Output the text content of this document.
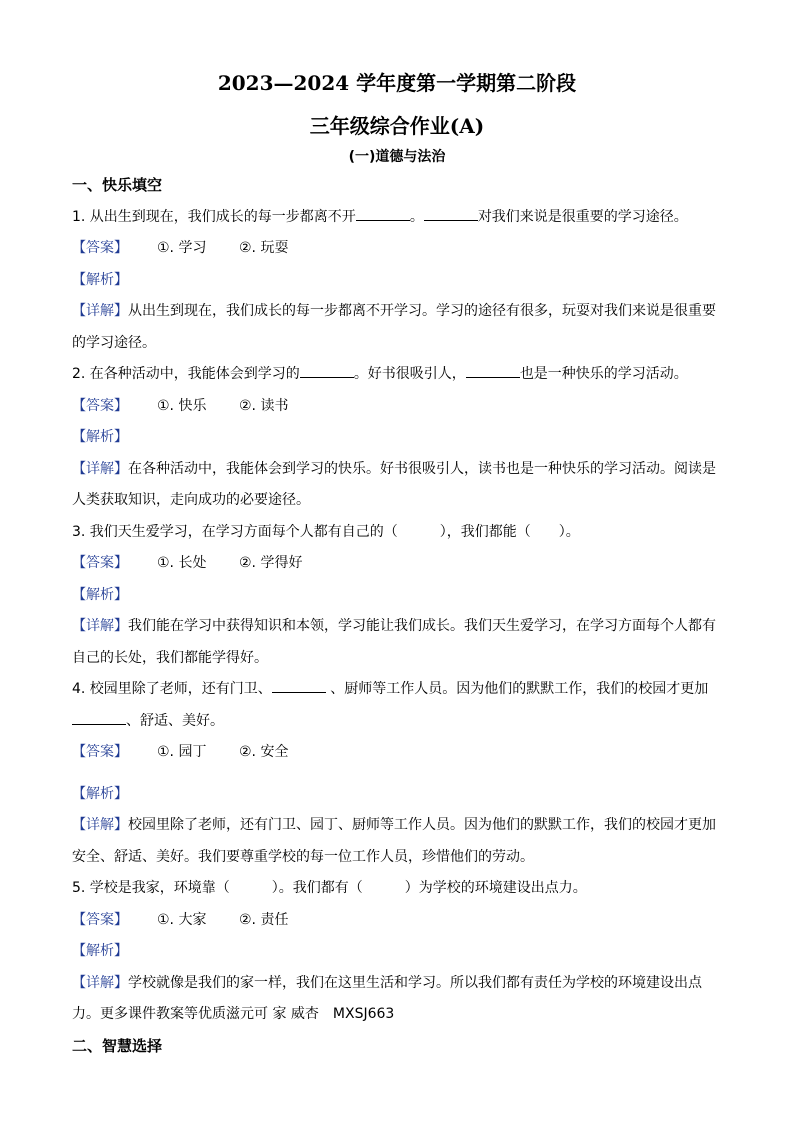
2023—2024 学年度第一学期第二阶段
三年级综合作业(A)
(一)道德与法治
一、快乐填空
1. 从出生到现在，我们成长的每一步都离不开	。	对我们来说是很重要的学习途径。
【答案】	①. 学习	②. 玩耍
【解析】
【详解】从出生到现在，我们成长的每一步都离不开学习。学习的途径有很多，玩耍对我们来说是很重要的学习途径。
2. 在各种活动中，我能体会到学习的	。好书很吸引人，	也是一种快乐的学习活动。
【答案】	①. 快乐	②. 读书
【解析】
【详解】在各种活动中，我能体会到学习的快乐。好书很吸引人，读书也是一种快乐的学习活动。阅读是人类获取知识，走向成功的必要途径。
3. 我们天生爱学习，在学习方面每个人都有自己的（　　　），我们都能（　　）。
【答案】	①. 长处	②. 学得好
【解析】
【详解】我们能在学习中获得知识和本领，学习能让我们成长。我们天生爱学习，在学习方面每个人都有自己的长处，我们都能学得好。
4. 校园里除了老师，还有门卫、	、厨师等工作人员。因为他们的默默工作，我们的校园才更加
、舒适、美好。
【答案】	①. 园丁	②. 安全
【解析】
【详解】校园里除了老师，还有门卫、园丁、厨师等工作人员。因为他们的默默工作，我们的校园才更加安全、舒适、美好。我们要尊重学校的每一位工作人员，珍惜他们的劳动。
5. 学校是我家，环境靠（　　　）。我们都有（　　　）为学校的环境建设出点力。
【答案】	①. 大家	②. 责任
【解析】
【详解】学校就像是我们的家一样，我们在这里生活和学习。所以我们都有责任为学校的环境建设出点力。更多课件教案等优质滋元可 家 威杏　MXSJ663
二、智慧选择
